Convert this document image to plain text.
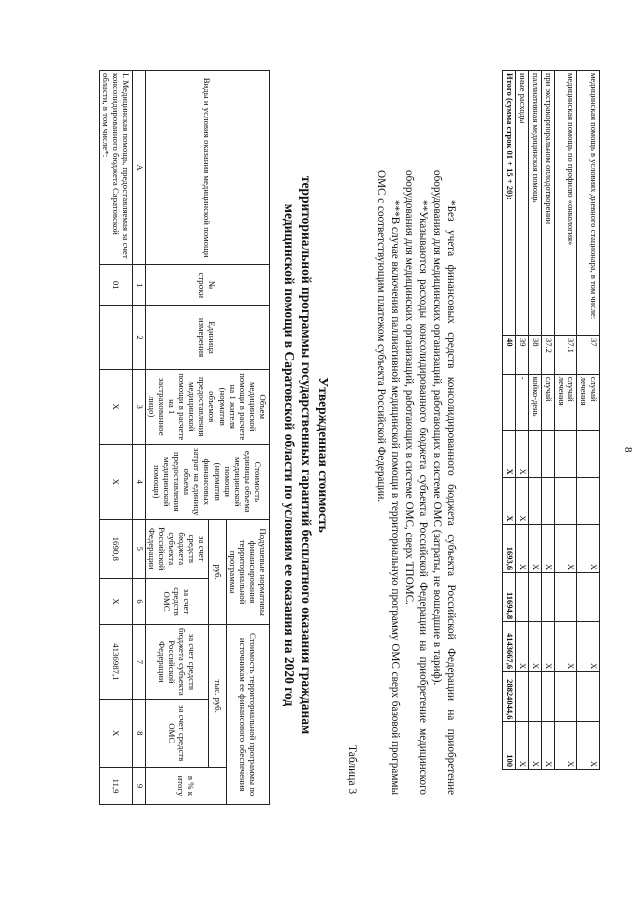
8
медицинская помощь в условиях дневного стационара, в том числе:	37	случай лечения			Х		Х		Х
медицинская помощь по профилю «онкология»	37.1	случай лечения			Х		Х		Х
при экстракорпоральном оплодотворении	37.2	случай			Х		Х		Х
паллиативная медицинская помощь	38	койко-день			Х		Х		Х
иные расходы	39	-	Х	Х	Х		Х		Х
Итого (сумма строк 01 + 15 + 20):	40		Х	Х	1693,6	11694,8	4143667,6	28824044,6	100

*Без учета финансовых средств консолидированного бюджета субъекта Российской Федерации на приобретение оборудования для медицинских организаций, работающих в системе ОМС (затраты, не вошедшие в тариф).

**Указываются расходы консолидированного бюджета субъекта Российской Федерации на приобретение медицинского оборудования для медицинских организаций, работающих в системе ОМС, сверх ТПОМС.

***В случае включения паллиативной медицинской помощи в территориальную программу ОМС сверх базовой программы ОМС с соответствующим платежом субъекта Российской Федерации.

Таблица 3
Утвержденная стоимость
территориальной программы государственных гарантий бесплатного оказания гражданам
медицинской помощи в Саратовской области по условиям ее оказания на 2020 год
Виды и условия оказания медицинской помощи	№ строки	Единица измерения	Объем медицинской помощи в расчете на 1 жителя (норматив объемов предоставления медицинской помощи в расчете на 1 застрахованное лицо)	Стоимость единицы объема медицинской помощи (норматив финансовых затрат на единицу объема предоставления медицинской помощи)	Подушевые нормативы финансирования территориальной программы		Стоимость территориальной программы по источникам ее финансового обеспечения		
					руб.		тыс. руб.		в % к итогу
					за счет средств бюджета субъекта Российской Федерации	за счет средств ОМС	за счет средств бюджета субъекта Российской Федерации	за счет средств ОМС	
А	1	2	3	4	5	6	7	8	9
I. Медицинская помощь, предоставляемая за счет консолидированного бюджета Саратовской области, в том числе*:	01		Х	Х	1690,8	Х	4136987,1	Х	11,9
